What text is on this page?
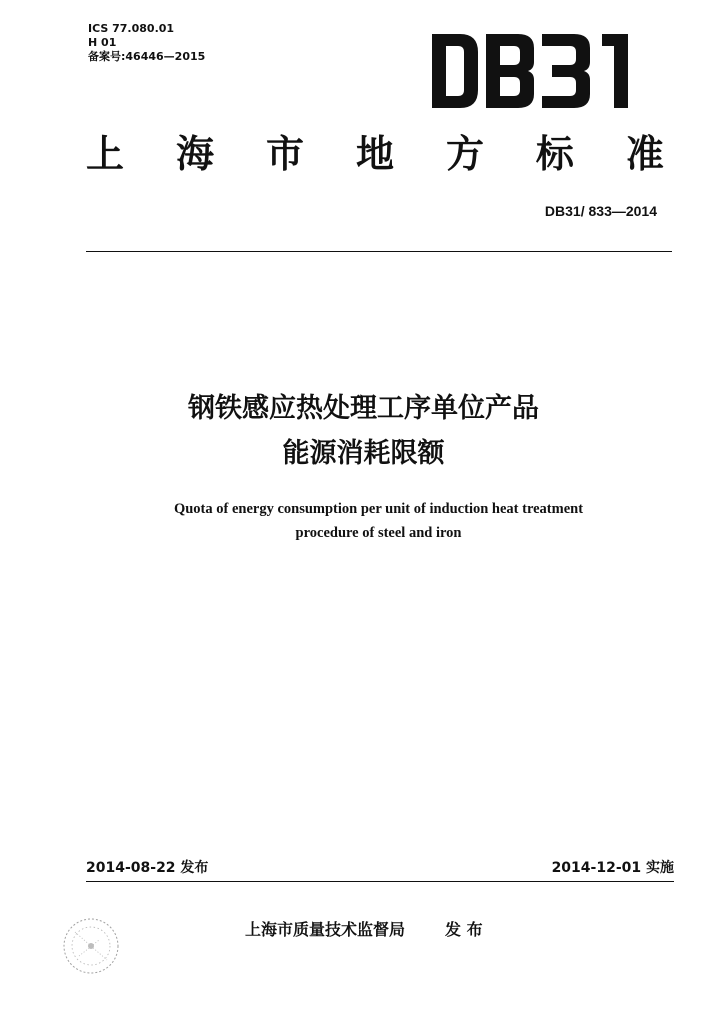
ICS 77.080.01
H 01
备案号:46446—2015
上 海 市 地 方 标 准
DB31/ 833—2014
钢铁感应热处理工序单位产品
能源消耗限额
Quota of energy consumption per unit of induction heat treatment
procedure of steel and iron
2014-08-22 发布	2014-12-01 实施
上海市质量技术监督局	发 布
